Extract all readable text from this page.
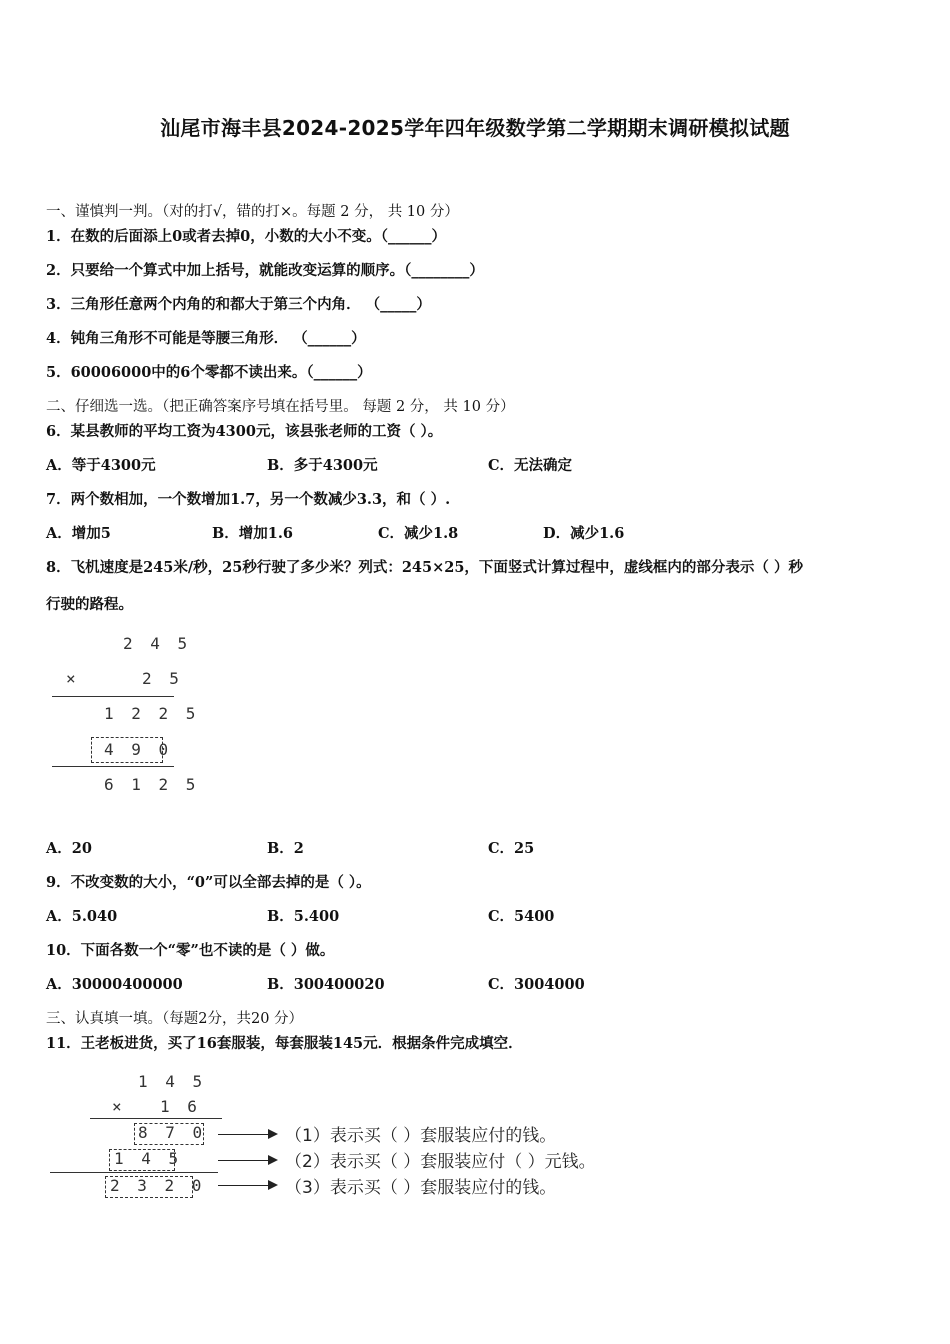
汕尾市海丰县2024-2025学年四年级数学第二学期期末调研模拟试题
一、谨慎判一判。（对的打√，错的打×。每题 2 分， 共 10 分）
1．在数的后面添上0或者去掉0，小数的大小不变。（______）
2．只要给一个算式中加上括号，就能改变运算的顺序。（________）
3．三角形任意两个内角的和都大于第三个内角． （_____）
4．钝角三角形不可能是等腰三角形． （______）
5．60006000中的6个零都不读出来。（______）
二、仔细选一选。（把正确答案序号填在括号里。 每题 2 分， 共 10 分）
6．某县教师的平均工资为4300元，该县张老师的工资（ ）。
A．等于4300元	B．多于4300元	C．无法确定
7．两个数相加，一个数增加1.7，另一个数减少3.3，和（ ）.
A．增加5	B．增加1.6	C．减少1.8	D．减少1.6
8．飞机速度是245米/秒，25秒行驶了多少米？列式：245×25，下面竖式计算过程中，虚线框内的部分表示（ ）秒
行驶的路程。
2 4 5
×	2 5
1 2 2 5
4 9 0
6 1 2 5
A．20	B．2	C．25
9．不改变数的大小，“0”可以全部去掉的是（ ）。
A．5.040	B．5.400	C．5400
10．下面各数一个“零”也不读的是（ ）做。
A．30000400000	B．300400020	C．3004000
三、认真填一填。（每题2分，共20 分）
11．王老板进货，买了16套服装，每套服装145元．根据条件完成填空．
1 4 5
× 1 6
8 7 0
1 4 5
2 3 2 0
（1）表示买（ ）套服装应付的钱。
（2）表示买（ ）套服装应付（ ）元钱。
（3）表示买（ ）套服装应付的钱。
